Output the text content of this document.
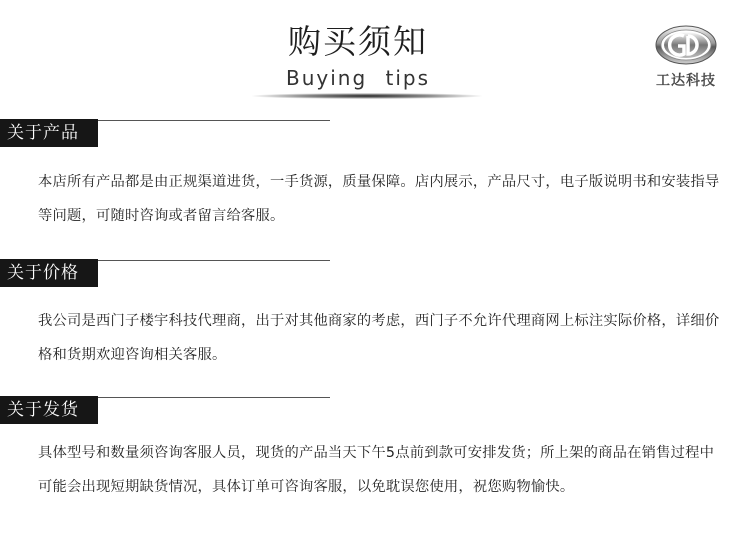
购买须知
Buying tips	工达科技
关于产品
本店所有产品都是由正规渠道进货，一手货源，质量保障。店内展示，产品尺寸，电子版说明书和安装指导等问题，可随时咨询或者留言给客服。
关于价格
我公司是西门子楼宇科技代理商，出于对其他商家的考虑，西门子不允许代理商网上标注实际价格，详细价格和货期欢迎咨询相关客服。
关于发货
具体型号和数量须咨询客服人员，现货的产品当天下午5点前到款可安排发货；所上架的商品在销售过程中可能会出现短期缺货情况，具体订单可咨询客服，以免耽误您使用，祝您购物愉快。
